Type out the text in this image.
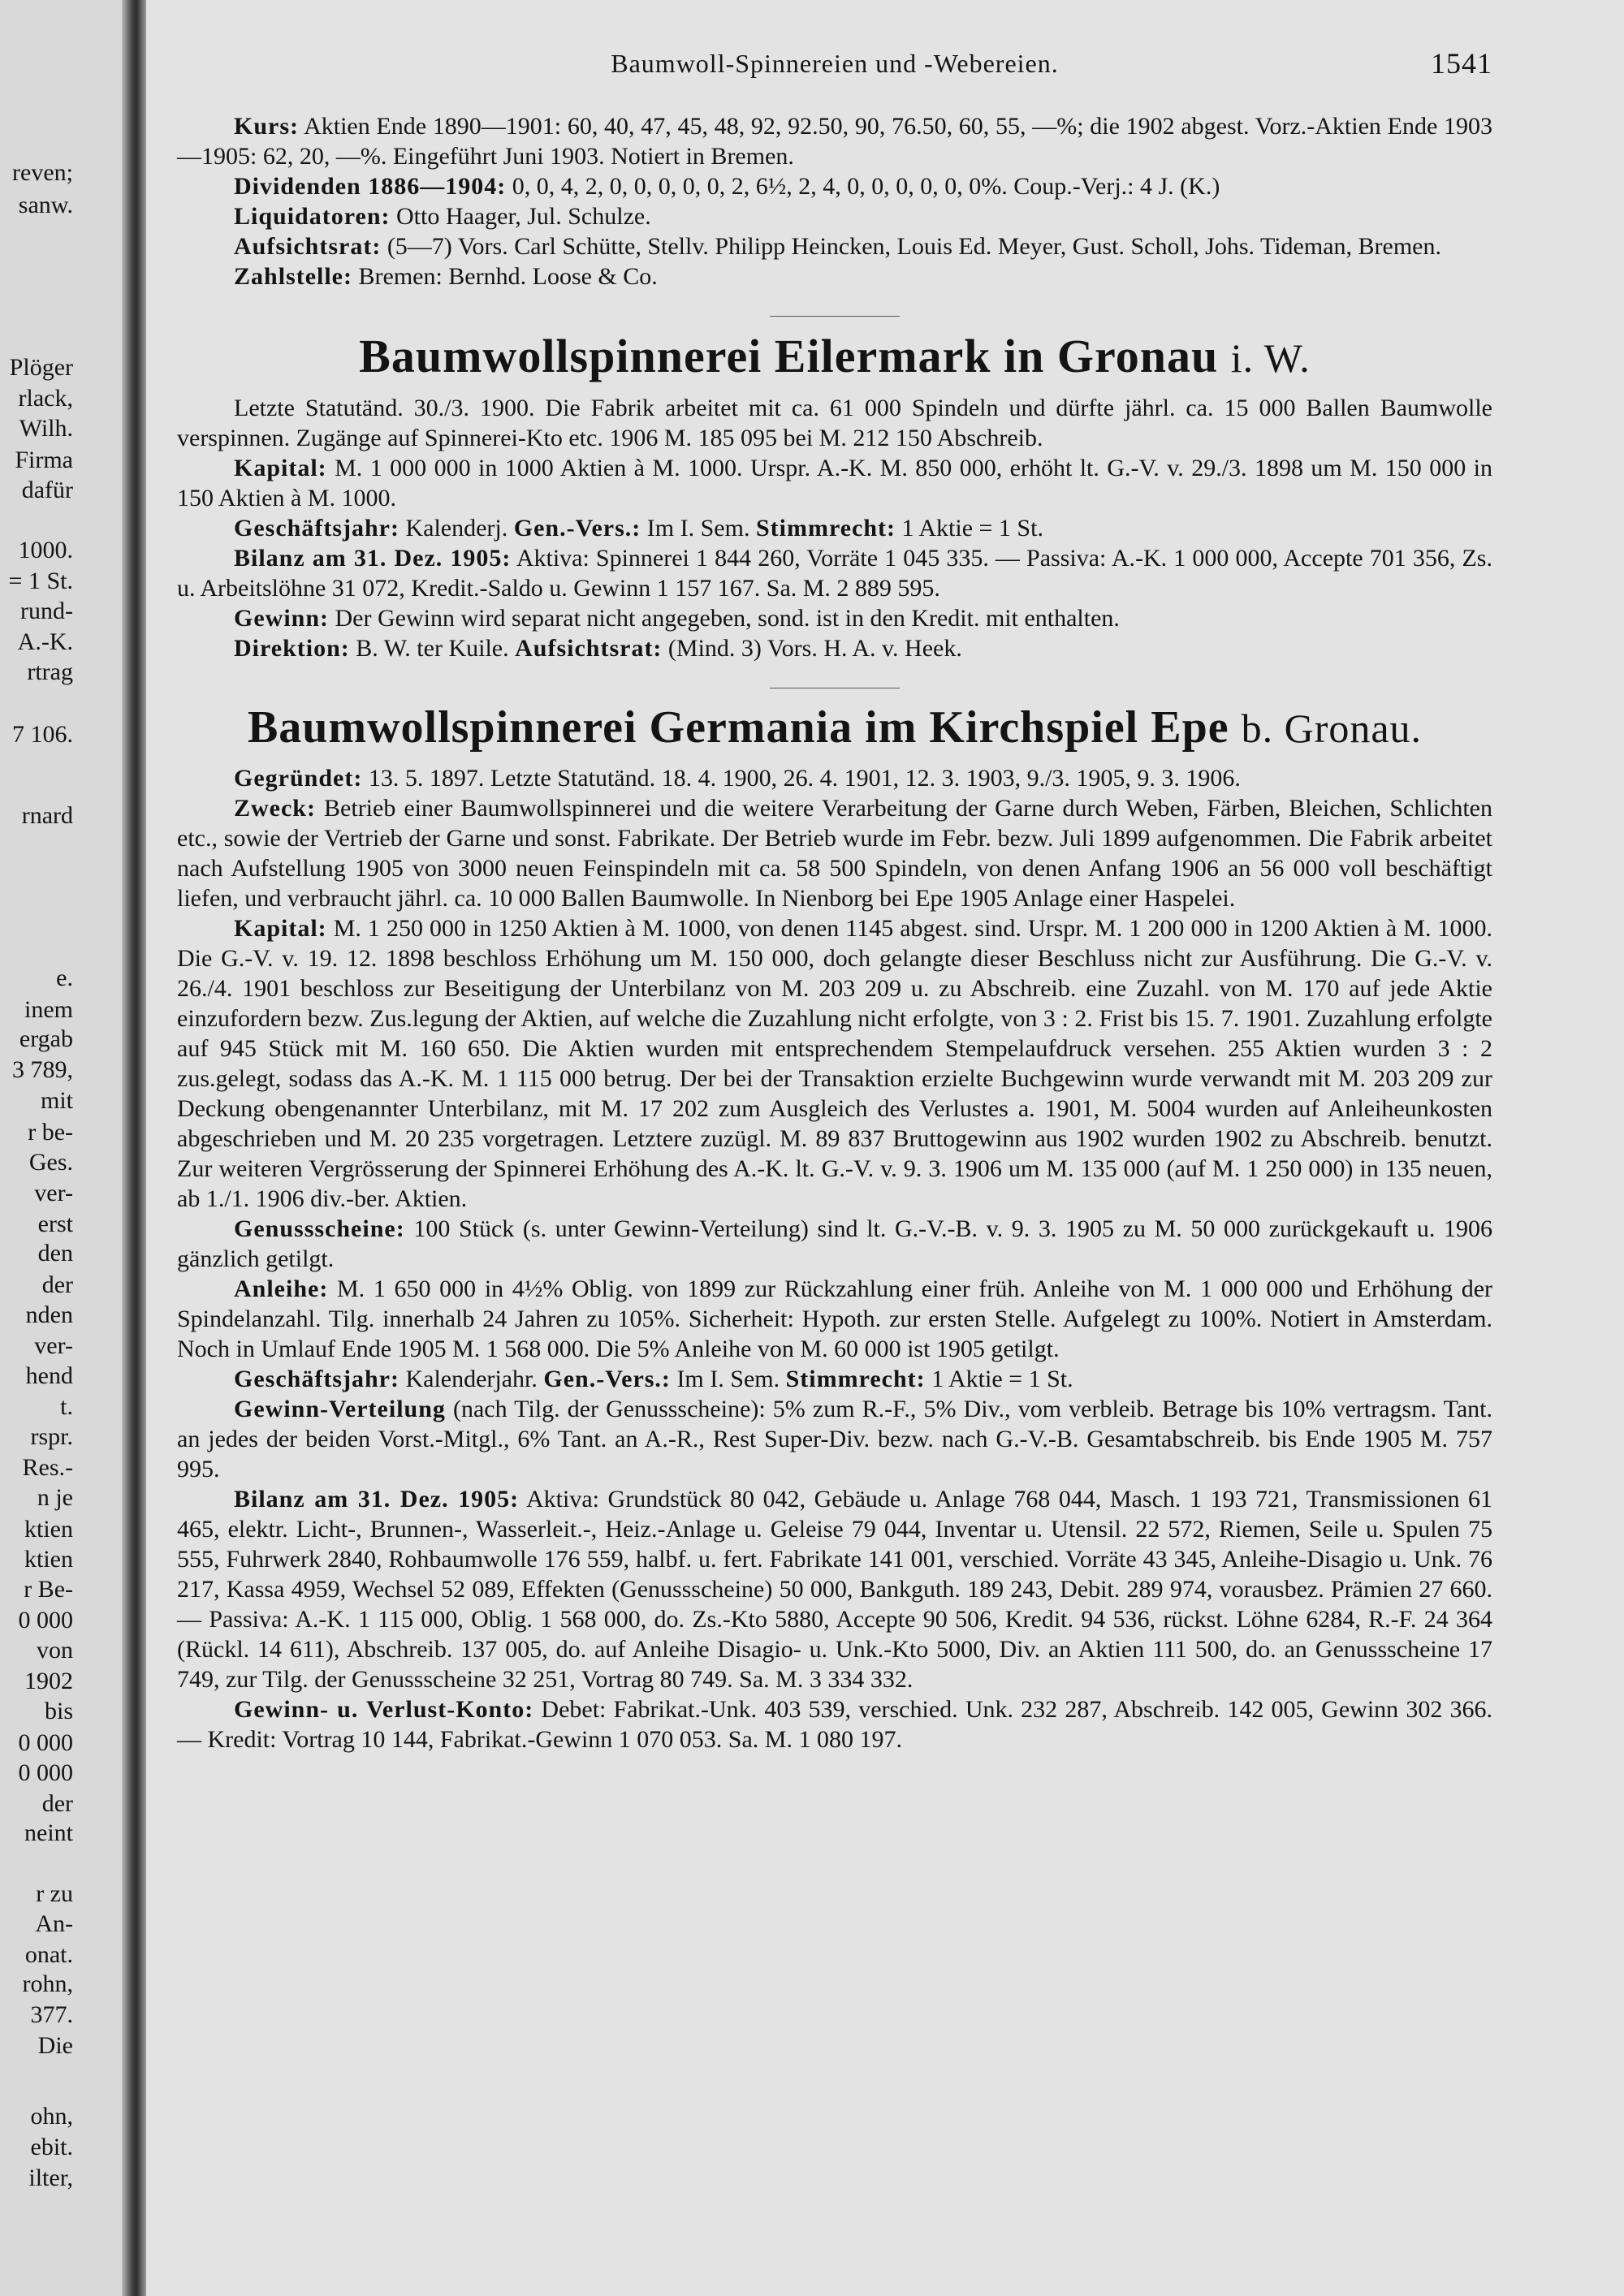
reven;
sanw.
Plöger
rlack,
Wilh.
Firma
dafür
1000.
= 1 St.
rund-
A.-K.
rtrag
7 106.
rnard
e.
inem
ergab
3 789,
mit
r be-
Ges.
ver-
erst
den
der
nden
ver-
hend
t.
rspr.
Res.-
n je
ktien
ktien
r Be-
0 000
von
1902
bis
0 000
0 000
der
neint
r zu
An-
onat.
rohn,
377.
Die
ohn,
ebit.
ilter,
Baumwoll-Spinnereien und -Webereien.	1541

Kurs: Aktien Ende 1890—1901: 60, 40, 47, 45, 48, 92, 92.50, 90, 76.50, 60, 55, —%; die 1902 abgest. Vorz.-Aktien Ende 1903—1905: 62, 20, —%. Eingeführt Juni 1903. Notiert in Bremen.

Dividenden 1886—1904: 0, 0, 4, 2, 0, 0, 0, 0, 0, 2, 6½, 2, 4, 0, 0, 0, 0, 0, 0%. Coup.-Verj.: 4 J. (K.)

Liquidatoren: Otto Haager, Jul. Schulze.

Aufsichtsrat: (5—7) Vors. Carl Schütte, Stellv. Philipp Heincken, Louis Ed. Meyer, Gust. Scholl, Johs. Tideman, Bremen.

Zahlstelle: Bremen: Bernhd. Loose & Co.

Baumwollspinnerei Eilermark in Gronau i. W.

Letzte Statutänd. 30./3. 1900. Die Fabrik arbeitet mit ca. 61 000 Spindeln und dürfte jährl. ca. 15 000 Ballen Baumwolle verspinnen. Zugänge auf Spinnerei-Kto etc. 1906 M. 185 095 bei M. 212 150 Abschreib.

Kapital: M. 1 000 000 in 1000 Aktien à M. 1000. Urspr. A.-K. M. 850 000, erhöht lt. G.-V. v. 29./3. 1898 um M. 150 000 in 150 Aktien à M. 1000.

Geschäftsjahr: Kalenderj. Gen.-Vers.: Im I. Sem. Stimmrecht: 1 Aktie = 1 St.

Bilanz am 31. Dez. 1905: Aktiva: Spinnerei 1 844 260, Vorräte 1 045 335. — Passiva: A.-K. 1 000 000, Accepte 701 356, Zs. u. Arbeitslöhne 31 072, Kredit.-Saldo u. Gewinn 1 157 167. Sa. M. 2 889 595.

Gewinn: Der Gewinn wird separat nicht angegeben, sond. ist in den Kredit. mit enthalten.

Direktion: B. W. ter Kuile. Aufsichtsrat: (Mind. 3) Vors. H. A. v. Heek.

Baumwollspinnerei Germania im Kirchspiel Epe b. Gronau.

Gegründet: 13. 5. 1897. Letzte Statutänd. 18. 4. 1900, 26. 4. 1901, 12. 3. 1903, 9./3. 1905, 9. 3. 1906.

Zweck: Betrieb einer Baumwollspinnerei und die weitere Verarbeitung der Garne durch Weben, Färben, Bleichen, Schlichten etc., sowie der Vertrieb der Garne und sonst. Fabrikate. Der Betrieb wurde im Febr. bezw. Juli 1899 aufgenommen. Die Fabrik arbeitet nach Aufstellung 1905 von 3000 neuen Feinspindeln mit ca. 58 500 Spindeln, von denen Anfang 1906 an 56 000 voll beschäftigt liefen, und verbraucht jährl. ca. 10 000 Ballen Baumwolle. In Nienborg bei Epe 1905 Anlage einer Haspelei.

Kapital: M. 1 250 000 in 1250 Aktien à M. 1000, von denen 1145 abgest. sind. Urspr. M. 1 200 000 in 1200 Aktien à M. 1000. Die G.-V. v. 19. 12. 1898 beschloss Erhöhung um M. 150 000, doch gelangte dieser Beschluss nicht zur Ausführung. Die G.-V. v. 26./4. 1901 beschloss zur Beseitigung der Unterbilanz von M. 203 209 u. zu Abschreib. eine Zuzahl. von M. 170 auf jede Aktie einzufordern bezw. Zus.legung der Aktien, auf welche die Zuzahlung nicht erfolgte, von 3 : 2. Frist bis 15. 7. 1901. Zuzahlung erfolgte auf 945 Stück mit M. 160 650. Die Aktien wurden mit entsprechendem Stempelaufdruck versehen. 255 Aktien wurden 3 : 2 zus.gelegt, sodass das A.-K. M. 1 115 000 betrug. Der bei der Transaktion erzielte Buchgewinn wurde verwandt mit M. 203 209 zur Deckung obengenannter Unterbilanz, mit M. 17 202 zum Ausgleich des Verlustes a. 1901, M. 5004 wurden auf Anleiheunkosten abgeschrieben und M. 20 235 vorgetragen. Letztere zuzügl. M. 89 837 Bruttogewinn aus 1902 wurden 1902 zu Abschreib. benutzt. Zur weiteren Vergrösserung der Spinnerei Erhöhung des A.-K. lt. G.-V. v. 9. 3. 1906 um M. 135 000 (auf M. 1 250 000) in 135 neuen, ab 1./1. 1906 div.-ber. Aktien.

Genussscheine: 100 Stück (s. unter Gewinn-Verteilung) sind lt. G.-V.-B. v. 9. 3. 1905 zu M. 50 000 zurückgekauft u. 1906 gänzlich getilgt.

Anleihe: M. 1 650 000 in 4½% Oblig. von 1899 zur Rückzahlung einer früh. Anleihe von M. 1 000 000 und Erhöhung der Spindelanzahl. Tilg. innerhalb 24 Jahren zu 105%. Sicherheit: Hypoth. zur ersten Stelle. Aufgelegt zu 100%. Notiert in Amsterdam. Noch in Umlauf Ende 1905 M. 1 568 000. Die 5% Anleihe von M. 60 000 ist 1905 getilgt.

Geschäftsjahr: Kalenderjahr. Gen.-Vers.: Im I. Sem. Stimmrecht: 1 Aktie = 1 St.

Gewinn-Verteilung (nach Tilg. der Genussscheine): 5% zum R.-F., 5% Div., vom verbleib. Betrage bis 10% vertragsm. Tant. an jedes der beiden Vorst.-Mitgl., 6% Tant. an A.-R., Rest Super-Div. bezw. nach G.-V.-B. Gesamtabschreib. bis Ende 1905 M. 757 995.

Bilanz am 31. Dez. 1905: Aktiva: Grundstück 80 042, Gebäude u. Anlage 768 044, Masch. 1 193 721, Transmissionen 61 465, elektr. Licht-, Brunnen-, Wasserleit.-, Heiz.-Anlage u. Geleise 79 044, Inventar u. Utensil. 22 572, Riemen, Seile u. Spulen 75 555, Fuhrwerk 2840, Rohbaumwolle 176 559, halbf. u. fert. Fabrikate 141 001, verschied. Vorräte 43 345, Anleihe-Disagio u. Unk. 76 217, Kassa 4959, Wechsel 52 089, Effekten (Genussscheine) 50 000, Bankguth. 189 243, Debit. 289 974, vorausbez. Prämien 27 660. — Passiva: A.-K. 1 115 000, Oblig. 1 568 000, do. Zs.-Kto 5880, Accepte 90 506, Kredit. 94 536, rückst. Löhne 6284, R.-F. 24 364 (Rückl. 14 611), Abschreib. 137 005, do. auf Anleihe Disagio- u. Unk.-Kto 5000, Div. an Aktien 111 500, do. an Genussscheine 17 749, zur Tilg. der Genussscheine 32 251, Vortrag 80 749. Sa. M. 3 334 332.

Gewinn- u. Verlust-Konto: Debet: Fabrikat.-Unk. 403 539, verschied. Unk. 232 287, Abschreib. 142 005, Gewinn 302 366. — Kredit: Vortrag 10 144, Fabrikat.-Gewinn 1 070 053. Sa. M. 1 080 197.
